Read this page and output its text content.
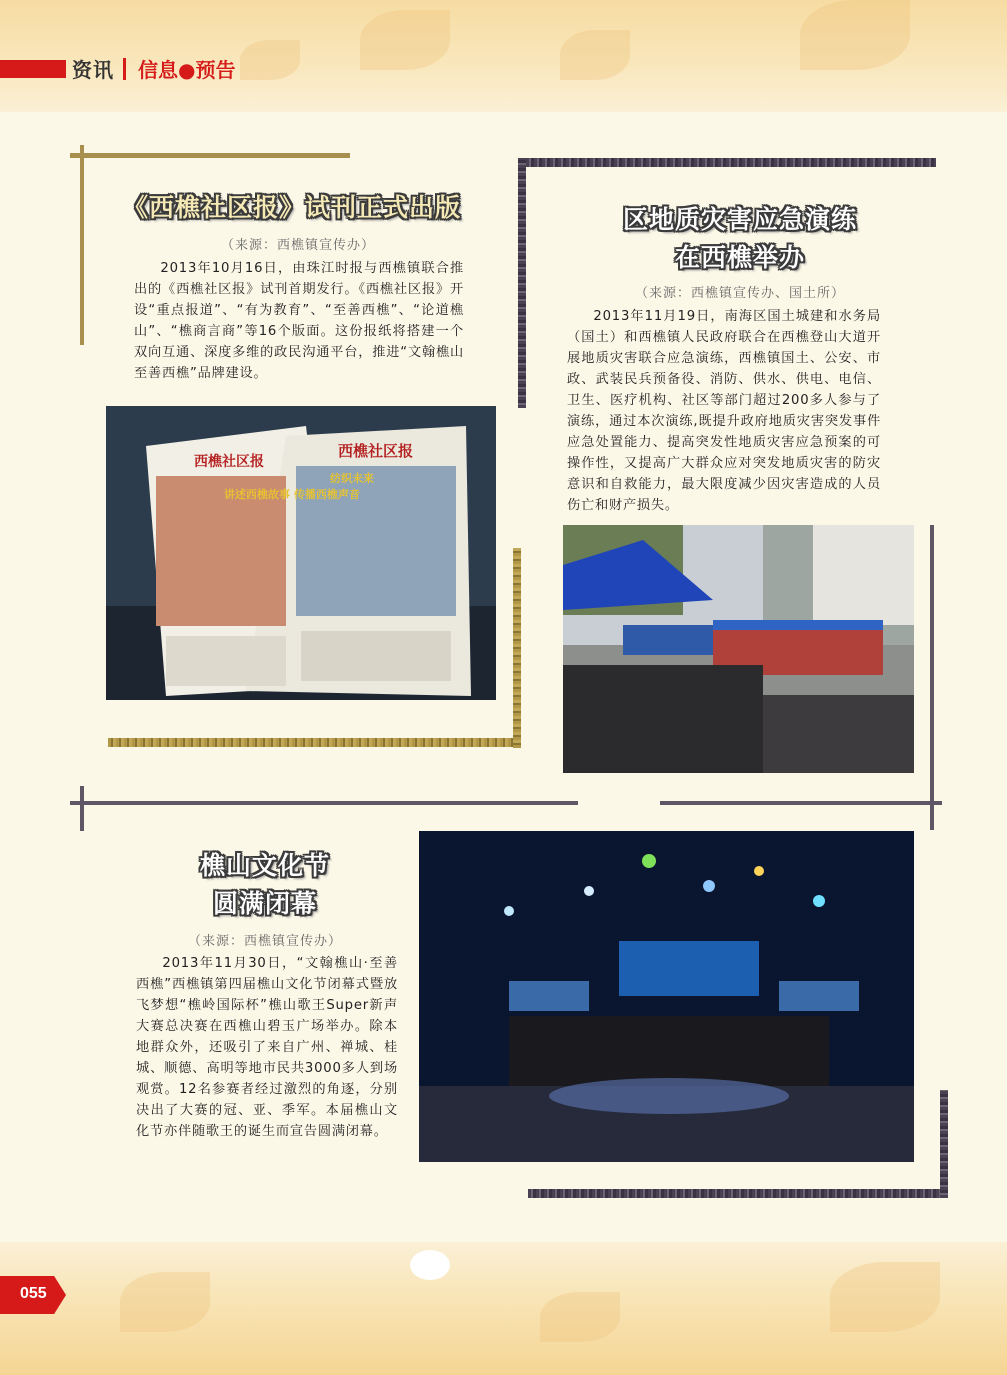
资讯 信息●预告
《西樵社区报》试刊正式出版
（来源：西樵镇宣传办）
2013年10月16日，由珠江时报与西樵镇联合推出的《西樵社区报》试刊首期发行。《西樵社区报》开设“重点报道”、“有为教育”、“至善西樵”、“论道樵山”、“樵商言商”等16个版面。这份报纸将搭建一个双向互通、深度多维的政民沟通平台，推进“文翰樵山 至善西樵”品牌建设。
西樵社区报
西樵社区报
讲述西樵故事 传播西樵声音
纺织未来
区地质灾害应急演练
在西樵举办
（来源：西樵镇宣传办、国土所）
2013年11月19日，南海区国土城建和水务局（国土）和西樵镇人民政府联合在西樵登山大道开展地质灾害联合应急演练，西樵镇国土、公安、市政、武装民兵预备役、消防、供水、供电、电信、卫生、医疗机构、社区等部门超过200多人参与了演练，通过本次演练,既提升政府地质灾害突发事件应急处置能力、提高突发性地质灾害应急预案的可操作性，又提高广大群众应对突发地质灾害的防灾意识和自救能力，最大限度减少因灾害造成的人员伤亡和财产损失。
樵山文化节
圆满闭幕
（来源：西樵镇宣传办）
2013年11月30日，“文翰樵山·至善西樵”西樵镇第四届樵山文化节闭幕式暨放飞梦想“樵岭国际杯”樵山歌王Super新声大赛总决赛在西樵山碧玉广场举办。除本地群众外，还吸引了来自广州、禅城、桂城、顺德、高明等地市民共3000多人到场观赏。12名参赛者经过激烈的角逐，分别决出了大赛的冠、亚、季军。本届樵山文化节亦伴随歌王的诞生而宣告圆满闭幕。
055
